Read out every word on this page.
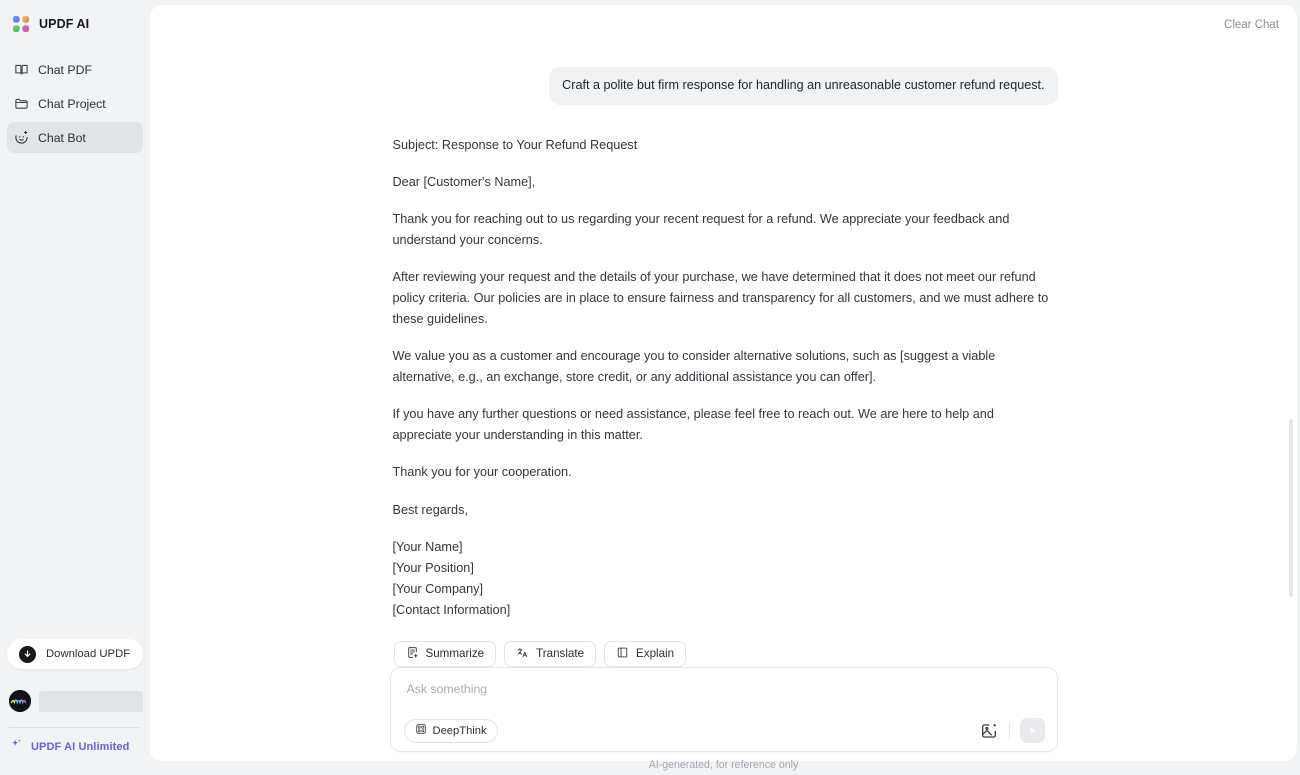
UPDF AI
Chat PDF
Chat Project
Chat Bot
Download UPDF
UPDF AI Unlimited
Clear Chat
Craft a polite but firm response for handling an unreasonable customer refund request.

Subject: Response to Your Refund Request

Dear [Customer's Name],

Thank you for reaching out to us regarding your recent request for a refund. We appreciate your feedback and understand your concerns.

After reviewing your request and the details of your purchase, we have determined that it does not meet our refund policy criteria. Our policies are in place to ensure fairness and transparency for all customers, and we must adhere to these guidelines.

We value you as a customer and encourage you to consider alternative solutions, such as [suggest a viable alternative, e.g., an exchange, store credit, or any additional assistance you can offer].

If you have any further questions or need assistance, please feel free to reach out. We are here to help and appreciate your understanding in this matter.

Thank you for your cooperation.

Best regards,

[Your Name]
[Your Position]
[Your Company]
[Contact Information]
Summarize	Translate	Explain
Ask something
DeepThink
AI-generated, for reference only
